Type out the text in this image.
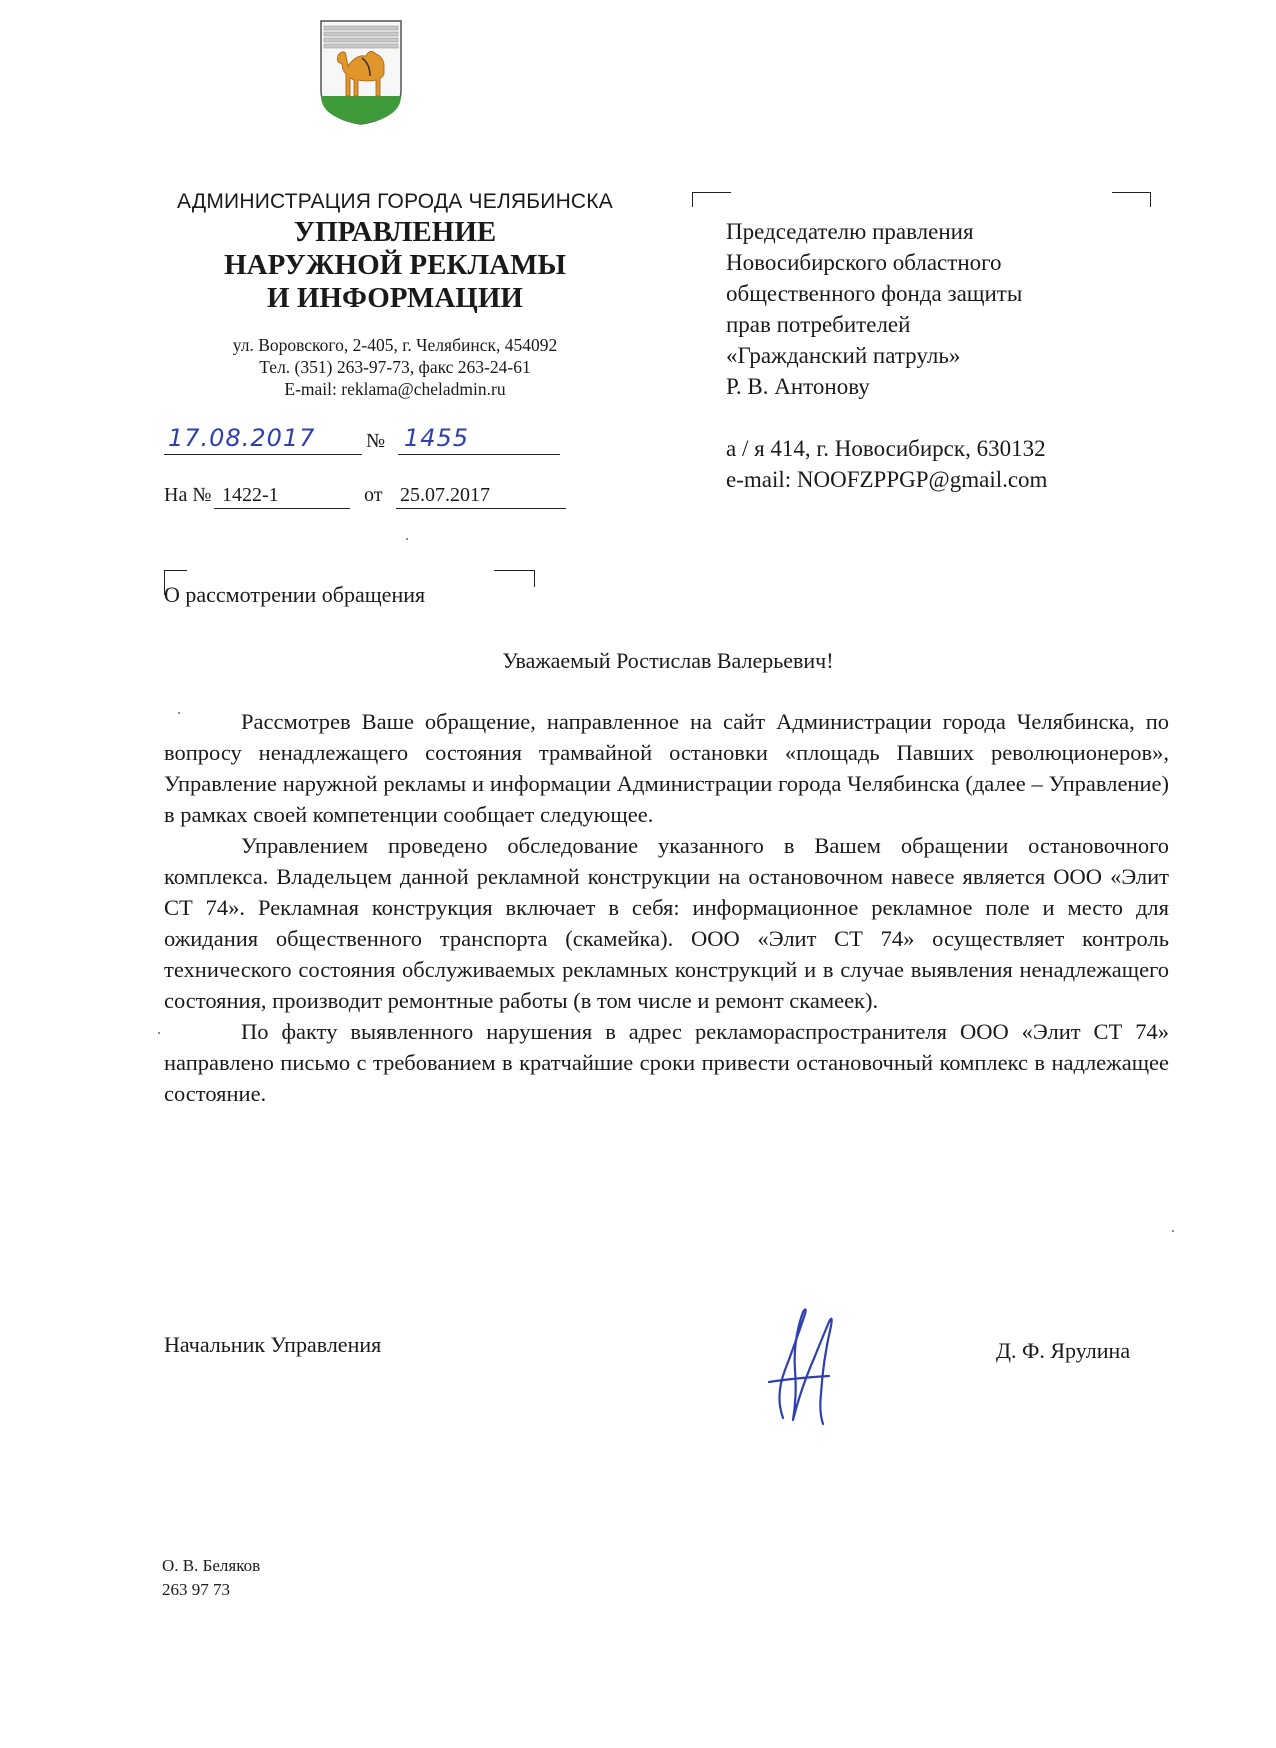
АДМИНИСТРАЦИЯ ГОРОДА ЧЕЛЯБИНСКА
УПРАВЛЕНИЕ
НАРУЖНОЙ РЕКЛАМЫ
И ИНФОРМАЦИИ
ул. Воровского, 2-405, г. Челябинск, 454092
Тел. (351) 263-97-73, факс 263-24-61
E-mail: reklama@cheladmin.ru
17.08.2017	№ 1455
На № 1422-1	от 25.07.2017
Председателю правления
Новосибирского областного
общественного фонда защиты
прав потребителей
«Гражданский патруль»
Р. В. Антонову
а / я 414, г. Новосибирск, 630132
e-mail: NOOFZPPGP@gmail.com
О рассмотрении обращения
Уважаемый Ростислав Валерьевич!

Рассмотрев Ваше обращение, направленное на сайт Администрации города Челябинска, по вопросу ненадлежащего состояния трамвайной остановки «площадь Павших революционеров», Управление наружной рекламы и информации Администрации города Челябинска (далее – Управление) в рамках своей компетенции сообщает следующее.

Управлением проведено обследование указанного в Вашем обращении остановочного комплекса. Владельцем данной рекламной конструкции на остановочном навесе является ООО «Элит СТ 74». Рекламная конструкция включает в себя: информационное рекламное поле и место для ожидания общественного транспорта (скамейка). ООО «Элит СТ 74» осуществляет контроль технического состояния обслуживаемых рекламных конструкций и в случае выявления ненадлежащего состояния, производит ремонтные работы (в том числе и ремонт скамеек).

По факту выявленного нарушения в адрес рекламораспространителя ООО «Элит СТ 74» направлено письмо с требованием в кратчайшие сроки привести остановочный комплекс в надлежащее состояние.

Начальник Управления	Д. Ф. Ярулина
О. В. Беляков
263 97 73
